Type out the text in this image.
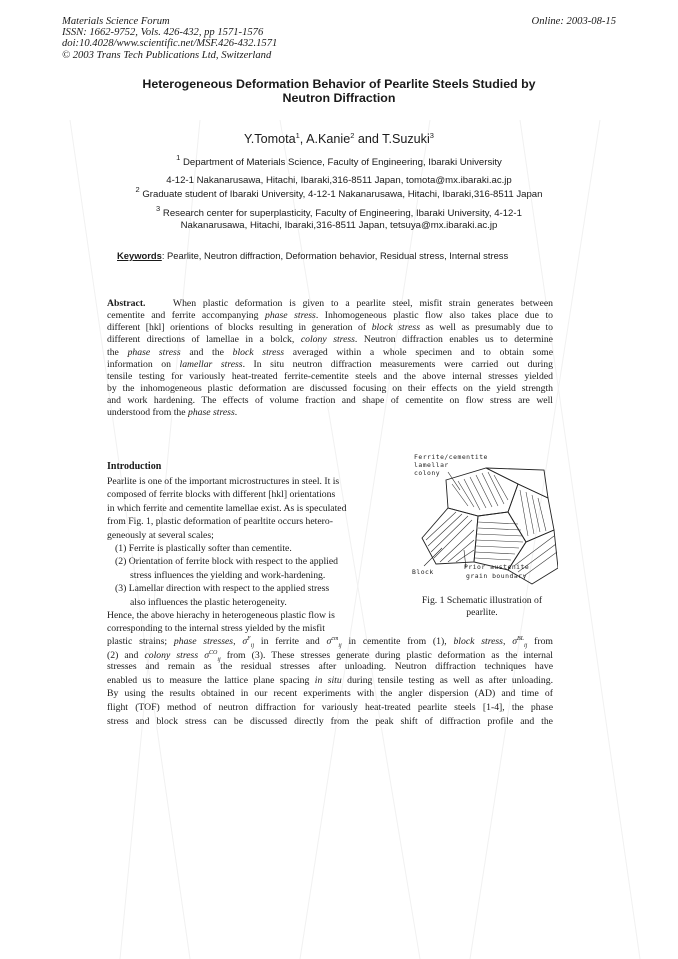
Materials Science Forum
ISSN: 1662-9752, Vols. 426-432, pp 1571-1576
doi:10.4028/www.scientific.net/MSF.426-432.1571
© 2003 Trans Tech Publications Ltd, Switzerland
Online: 2003-08-15
Heterogeneous Deformation Behavior of Pearlite Steels Studied by
Neutron Diffraction
Y.Tomota$^1$, A.Kanie$^2$ and T.Suzuki$^3$
$^1$ Department of Materials Science, Faculty of Engineering, Ibaraki University
4-12-1 Nakanarusawa, Hitachi, Ibaraki,316-8511 Japan, tomota@mx.ibaraki.ac.jp
$^2$ Graduate student of Ibaraki University, 4-12-1 Nakanarusawa, Hitachi, Ibaraki,316-8511 Japan
$^3$ Research center for superplasticity, Faculty of Engineering, Ibaraki University, 4-12-1
Nakanarusawa, Hitachi, Ibaraki,316-8511 Japan, tetsuya@mx.ibaraki.ac.jp
Keywords: Pearlite, Neutron diffraction, Deformation behavior, Residual stress, Internal stress
Abstract.	When plastic deformation is given to a pearlite steel, misfit strain generates between
cementite and ferrite accompanying phase stress. Inhomogeneous plastic flow also takes place due to
different [hkl] orientions of blocks resulting in generation of block stress as well as presumably due to
different directions of lamellae in a bolck, colony stress. Neutron diffraction enables us to determine
the phase stress and the block stress averaged within a whole specimen and to obtain some
information on lamellar stress. In situ neutron diffraction measurements were carried out during
tensile testing for variously heat-treated ferrite-cementite steels and the above internal stresses yielded
by the inhomogeneous plastic deformation are discussed focusing on their effects on the yield strength
and work hardening. The effects of volume fraction and shape of cementite on flow stress are well
understood from the phase stress.
Introduction
Pearlite is one of the important microstructures in steel. It is
composed of ferrite blocks with different [hkl] orientations
in which ferrite and cementite lamellae exist. As is speculated
from Fig. 1, plastic deformation of pearltite occurs hetero-
geneously at several scales;
(1) Ferrite is plastically softer than cementite.
(2) Orientation of ferrite block with respect to the applied
stress influences the yielding and work-hardening.
(3) Lamellar direction with respect to the applied stress
also influences the plastic heterogeneity.
Hence, the above hierachy in heterogeneous plastic flow is
corresponding to the internal stress yielded by the misfit
Ferrite/cementite
lamellar
colony
Block
Prior austenite
grain boundary
Fig. 1 Schematic illustration of
pearlite.
plastic strains; phase stresses, $\sigma^F_{ij}$ in ferrite and $\sigma^{cm}_{ij}$ in cementite from (1), block stress, $\sigma^{BL}_{ij}$ from
(2) and colony stress $\sigma^{CO}_{ij}$ from (3). These stresses generate during plastic deformation as the internal
stresses and remain as the residual stresses after unloading. Neutron diffraction techniques have
enabled us to measure the lattice plane spacing in situ during tensile testing as well as after unloading.
By using the results obtained in our recent experiments with the angler dispersion (AD) and time of
flight (TOF) method of neutron diffraction for variously heat-treated pearlite steels [1-4], the phase
stress and block stress can be discussed directly from the peak shift of diffraction profile and the
